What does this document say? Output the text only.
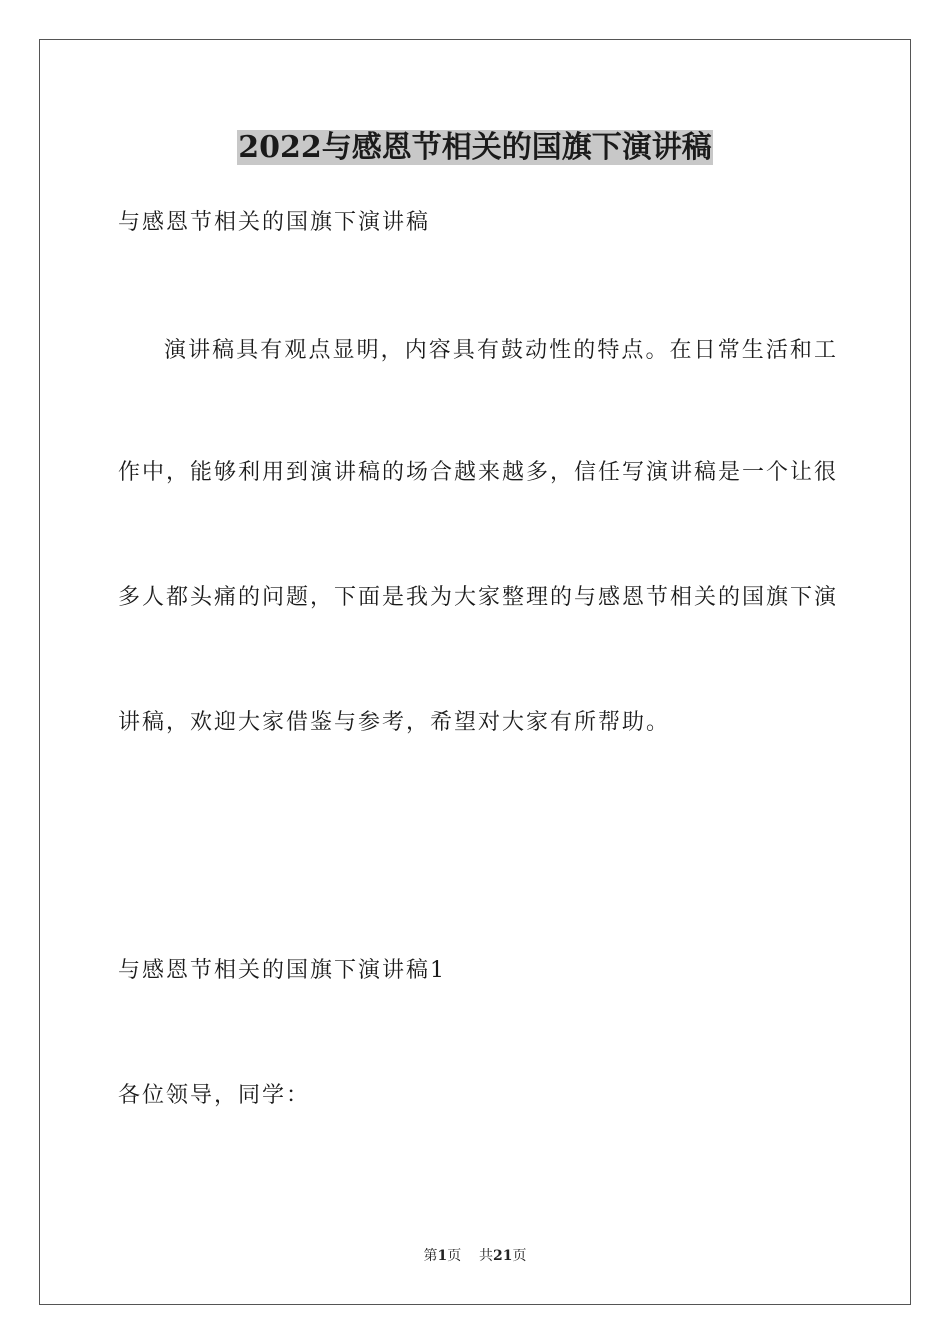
2022与感恩节相关的国旗下演讲稿
与感恩节相关的国旗下演讲稿
演讲稿具有观点显明，内容具有鼓动性的特点。在日常生活和工
作中，能够利用到演讲稿的场合越来越多，信任写演讲稿是一个让很
多人都头痛的问题，下面是我为大家整理的与感恩节相关的国旗下演
讲稿，欢迎大家借鉴与参考，希望对大家有所帮助。
与感恩节相关的国旗下演讲稿1
各位领导，同学：
第1页 共21页
